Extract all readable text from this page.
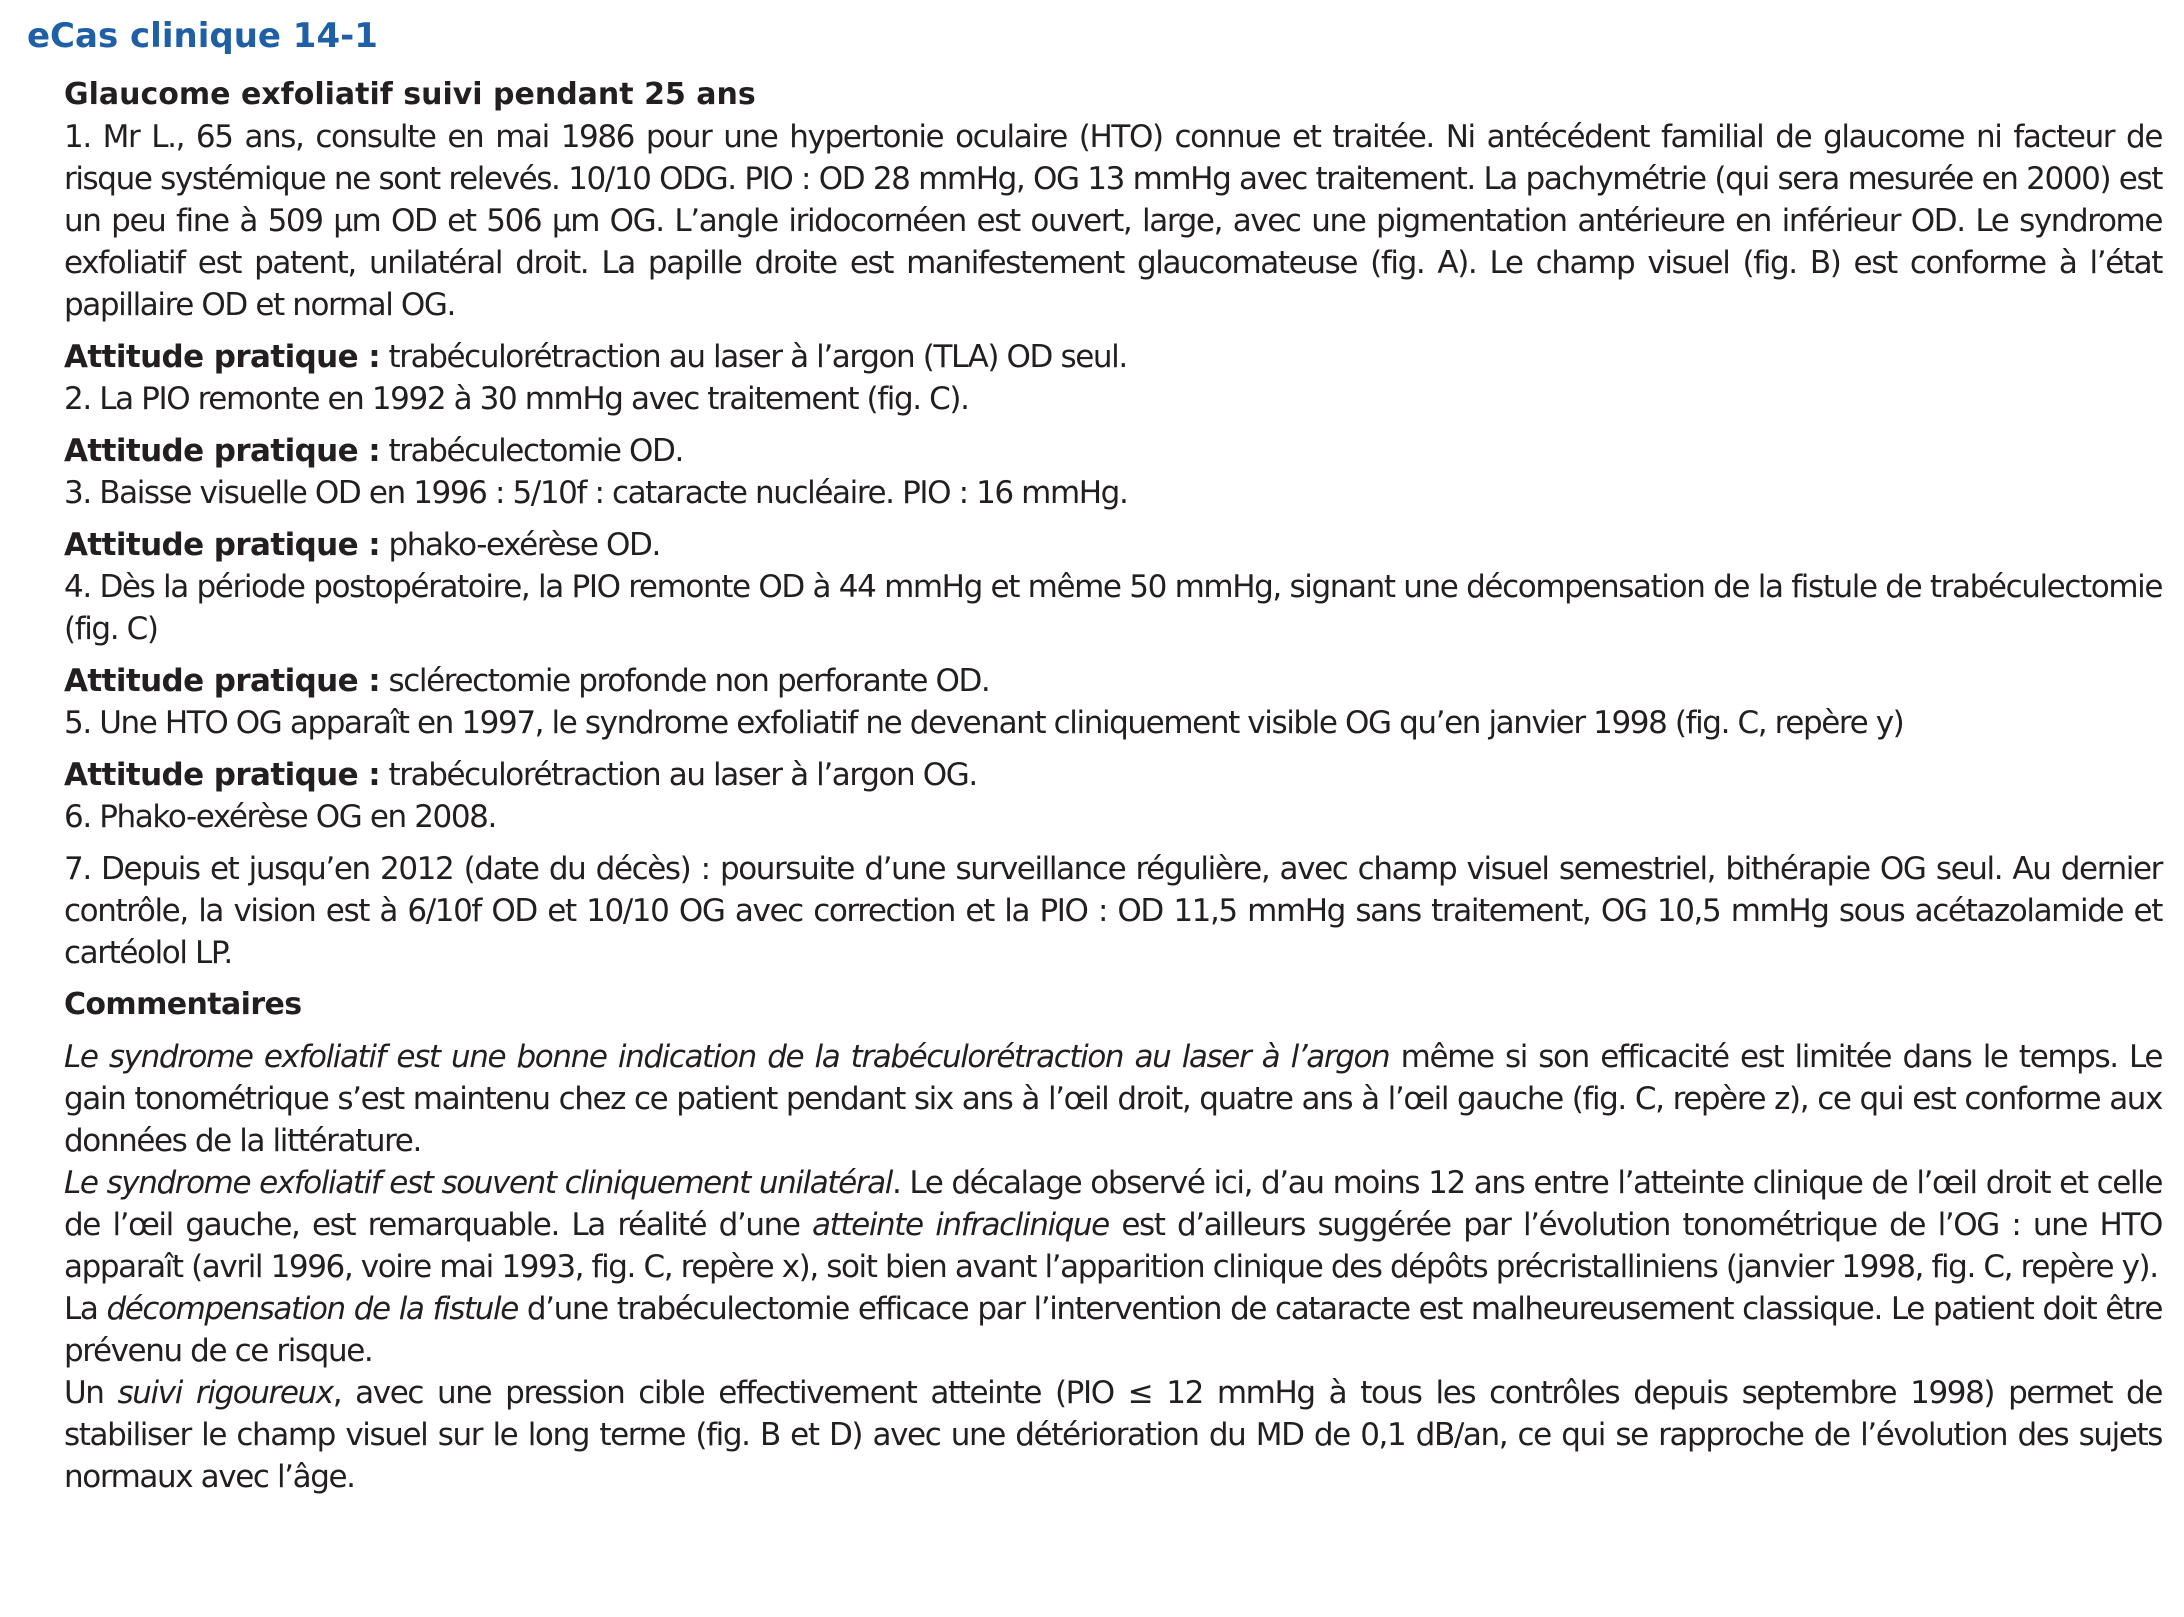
eCas clinique 14-1
Glaucome exfoliatif suivi pendant 25 ans

1. Mr L., 65 ans, consulte en mai 1986 pour une hypertonie oculaire (HTO) connue et traitée. Ni antécédent familial de glaucome ni facteur de risque systémique ne sont relevés. 10/10 ODG. PIO : OD 28 mmHg, OG 13 mmHg avec traitement. La pachymétrie (qui sera mesurée en 2000) est un peu fine à 509 µm OD et 506 µm OG. L’angle iridocornéen est ouvert, large, avec une pigmentation antérieure en inférieur OD. Le syndrome exfoliatif est patent, unilatéral droit. La papille droite est manifestement glaucomateuse (fig. A). Le champ visuel (fig. B) est conforme à l’état papillaire OD et normal OG.

Attitude pratique : trabéculorétraction au laser à l’argon (TLA) OD seul.

2. La PIO remonte en 1992 à 30 mmHg avec traitement (fig. C).

Attitude pratique : trabéculectomie OD.

3. Baisse visuelle OD en 1996 : 5/10f : cataracte nucléaire. PIO : 16 mmHg.

Attitude pratique : phako-exérèse OD.

4. Dès la période postopératoire, la PIO remonte OD à 44 mmHg et même 50 mmHg, signant une décompensation de la fistule de trabéculectomie (fig. C)

Attitude pratique : sclérectomie profonde non perforante OD.

5. Une HTO OG apparaît en 1997, le syndrome exfoliatif ne devenant cliniquement visible OG qu’en janvier 1998 (fig. C, repère y)

Attitude pratique : trabéculorétraction au laser à l’argon OG.

6. Phako-exérèse OG en 2008.

7. Depuis et jusqu’en 2012 (date du décès) : poursuite d’une surveillance régulière, avec champ visuel semestriel, bithérapie OG seul. Au dernier contrôle, la vision est à 6/10f OD et 10/10 OG avec correction et la PIO : OD 11,5 mmHg sans traitement, OG 10,5 mmHg sous acétazolamide et cartéolol LP.

Commentaires

Le syndrome exfoliatif est une bonne indication de la trabéculorétraction au laser à l’argon même si son efficacité est limitée dans le temps. Le gain tonométrique s’est maintenu chez ce patient pendant six ans à l’œil droit, quatre ans à l’œil gauche (fig. C, repère z), ce qui est conforme aux données de la littérature.

Le syndrome exfoliatif est souvent cliniquement unilatéral. Le décalage observé ici, d’au moins 12 ans entre l’atteinte clinique de l’œil droit et celle de l’œil gauche, est remarquable. La réalité d’une atteinte infraclinique est d’ailleurs suggérée par l’évolution tonométrique de l’OG : une HTO apparaît (avril 1996, voire mai 1993, fig. C, repère x), soit bien avant l’apparition clinique des dépôts précristalliniens (janvier 1998, fig. C, repère y).

La décompensation de la fistule d’une trabéculectomie efficace par l’intervention de cataracte est malheureusement classique. Le patient doit être prévenu de ce risque.

Un suivi rigoureux, avec une pression cible effectivement atteinte (PIO ≤ 12 mmHg à tous les contrôles depuis septembre 1998) permet de stabiliser le champ visuel sur le long terme (fig. B et D) avec une détérioration du MD de 0,1 dB/an, ce qui se rapproche de l’évolution des sujets normaux avec l’âge.
